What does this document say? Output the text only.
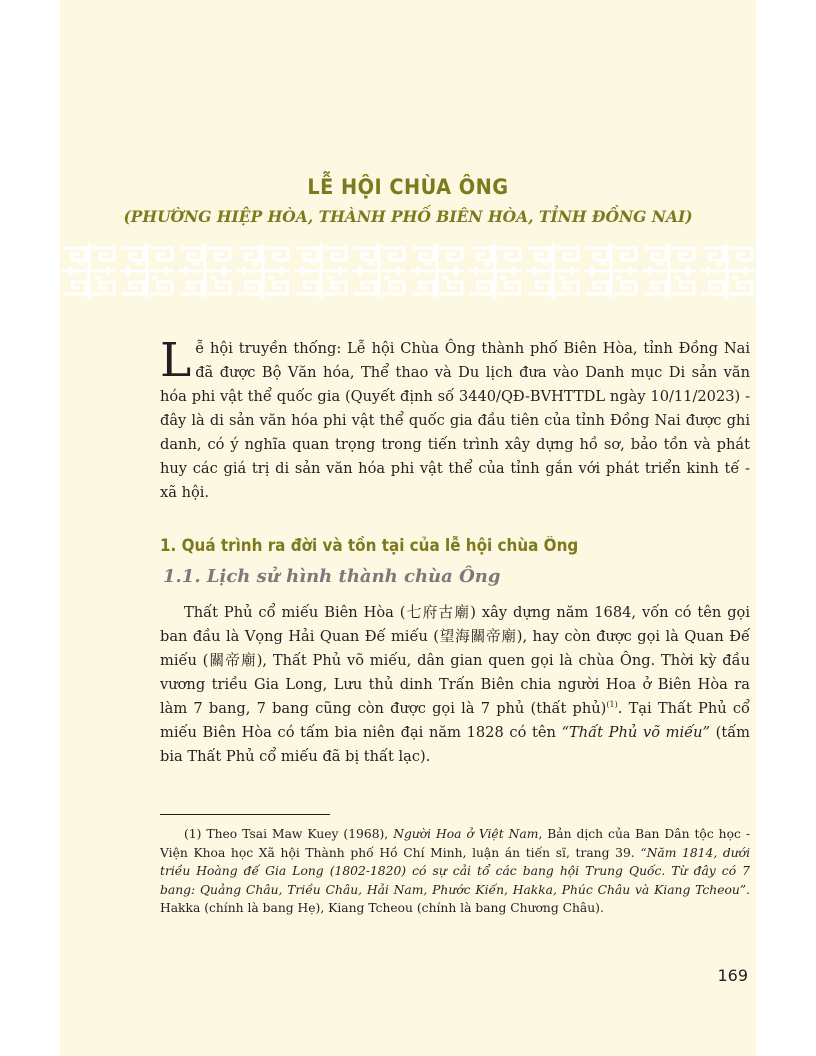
LỄ HỘI CHÙA ÔNG
(PHƯỜNG HIỆP HÒA, THÀNH PHỐ BIÊN HÒA, TỈNH ĐỒNG NAI)
Lễ hội truyền thống: Lễ hội Chùa Ông thành phố Biên Hòa, tỉnh Đồng Nai đã được Bộ Văn hóa, Thể thao và Du lịch đưa vào Danh mục Di sản văn hóa phi vật thể quốc gia (Quyết định số 3440/QĐ-BVHTTDL ngày 10/11/2023) - đây là di sản văn hóa phi vật thể quốc gia đầu tiên của tỉnh Đồng Nai được ghi danh, có ý nghĩa quan trọng trong tiến trình xây dựng hồ sơ, bảo tồn và phát huy các giá trị di sản văn hóa phi vật thể của tỉnh gắn với phát triển kinh tế - xã hội.
1. Quá trình ra đời và tồn tại của lễ hội chùa Ông
1.1. Lịch sử hình thành chùa Ông
Thất Phủ cổ miếu Biên Hòa (七府古廟) xây dựng năm 1684, vốn có tên gọi ban đầu là Vọng Hải Quan Đế miếu (望海關帝廟), hay còn được gọi là Quan Đế miếu (關帝廟), Thất Phủ võ miếu, dân gian quen gọi là chùa Ông. Thời kỳ đầu vương triều Gia Long, Lưu thủ dinh Trấn Biên chia người Hoa ở Biên Hòa ra làm 7 bang, 7 bang cũng còn được gọi là 7 phủ (thất phủ)$^{(1)}$. Tại Thất Phủ cổ miếu Biên Hòa có tấm bia niên đại năm 1828 có tên “Thất Phủ võ miếu” (tấm bia Thất Phủ cổ miếu đã bị thất lạc).
(1) Theo Tsai Maw Kuey (1968), Người Hoa ở Việt Nam, Bản dịch của Ban Dân tộc học - Viện Khoa học Xã hội Thành phố Hồ Chí Minh, luận án tiến sĩ, trang 39. “Năm 1814, dưới triều Hoàng đế Gia Long (1802-1820) có sự cải tổ các bang hội Trung Quốc. Từ đây có 7 bang: Quảng Châu, Triều Châu, Hải Nam, Phước Kiến, Hakka, Phúc Châu và Kiang Tcheou”. Hakka (chính là bang Hẹ), Kiang Tcheou (chính là bang Chương Châu).
169
